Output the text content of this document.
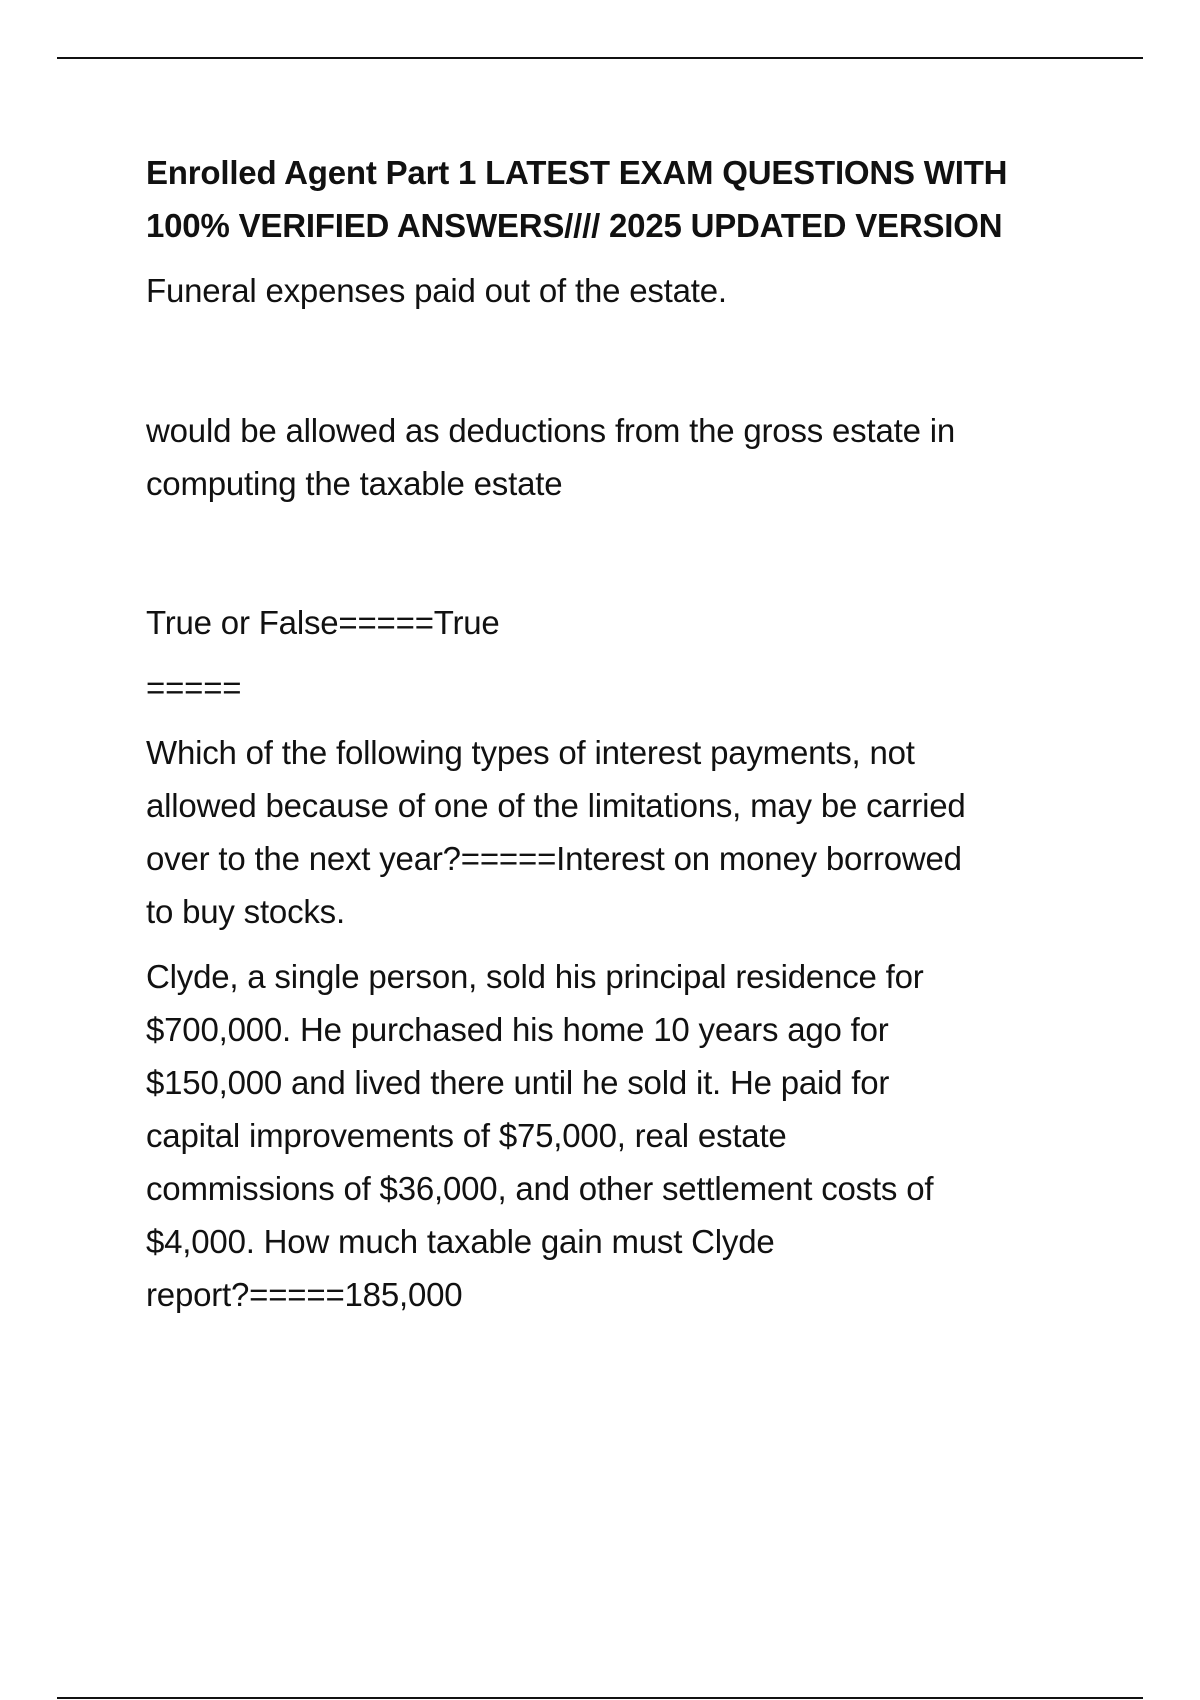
Enrolled Agent Part 1 LATEST EXAM QUESTIONS WITH
100% VERIFIED ANSWERS//// 2025 UPDATED VERSION

Funeral expenses paid out of the estate.

would be allowed as deductions from the gross estate in
computing the taxable estate

True or False=====True

=====

Which of the following types of interest payments, not
allowed because of one of the limitations, may be carried
over to the next year?=====Interest on money borrowed
to buy stocks.

Clyde, a single person, sold his principal residence for
$700,000. He purchased his home 10 years ago for
$150,000 and lived there until he sold it. He paid for
capital improvements of $75,000, real estate
commissions of $36,000, and other settlement costs of
$4,000. How much taxable gain must Clyde
report?=====185,000
